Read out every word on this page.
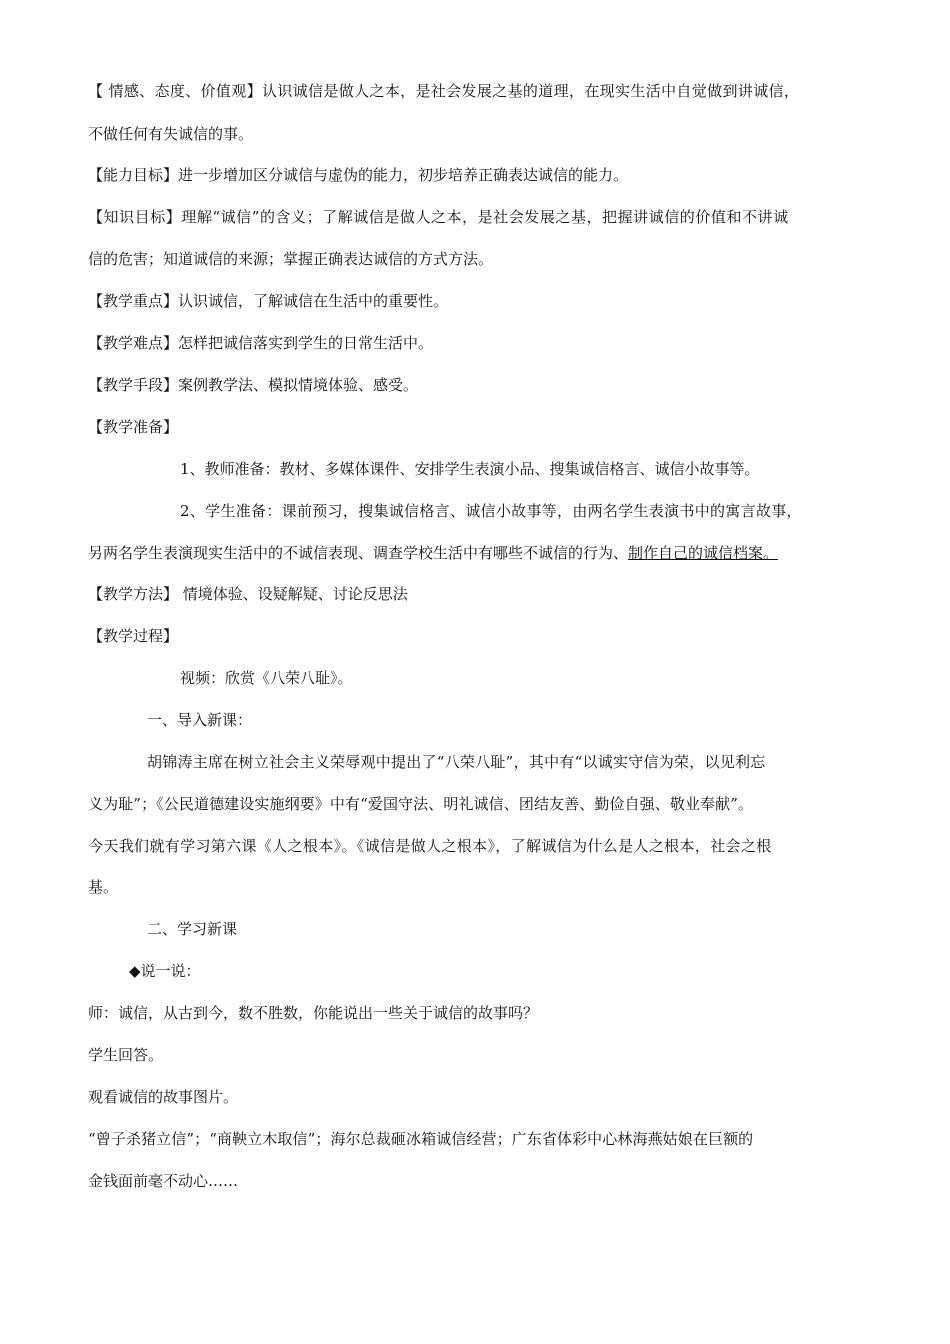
【 情感、态度、价值观】认识诚信是做人之本，是社会发展之基的道理，在现实生活中自觉做到讲诚信，
不做任何有失诚信的事。
【能力目标】进一步增加区分诚信与虚伪的能力，初步培养正确表达诚信的能力。
【知识目标】理解“诚信”的含义；了解诚信是做人之本，是社会发展之基，把握讲诚信的价值和不讲诚
信的危害；知道诚信的来源；掌握正确表达诚信的方式方法。
【教学重点】认识诚信，了解诚信在生活中的重要性。
【教学难点】怎样把诚信落实到学生的日常生活中。
【教学手段】案例教学法、模拟情境体验、感受。
【教学准备】
1、教师准备：教材、多媒体课件、安排学生表演小品、搜集诚信格言、诚信小故事等。
2、学生准备：课前预习，搜集诚信格言、诚信小故事等，由两名学生表演书中的寓言故事，
另两名学生表演现实生活中的不诚信表现、调查学校生活中有哪些不诚信的行为、制作自己的诚信档案。
【教学方法】 情境体验、设疑解疑、讨论反思法
【教学过程】
视频：欣赏《八荣八耻》。
一、导入新课：
胡锦涛主席在树立社会主义荣辱观中提出了“八荣八耻”，其中有“以诚实守信为荣，以见利忘
义为耻”；《公民道德建设实施纲要》中有“爱国守法、明礼诚信、团结友善、勤俭自强、敬业奉献”。
今天我们就有学习第六课《人之根本》。《诚信是做人之根本》，了解诚信为什么是人之根本，社会之根
基。
二、学习新课
◆说一说：
师：诚信，从古到今，数不胜数，你能说出一些关于诚信的故事吗？
学生回答。
观看诚信的故事图片。
“曾子杀猪立信”；“商鞅立木取信”；海尔总裁砸冰箱诚信经营；广东省体彩中心林海燕姑娘在巨额的
金钱面前毫不动心……
